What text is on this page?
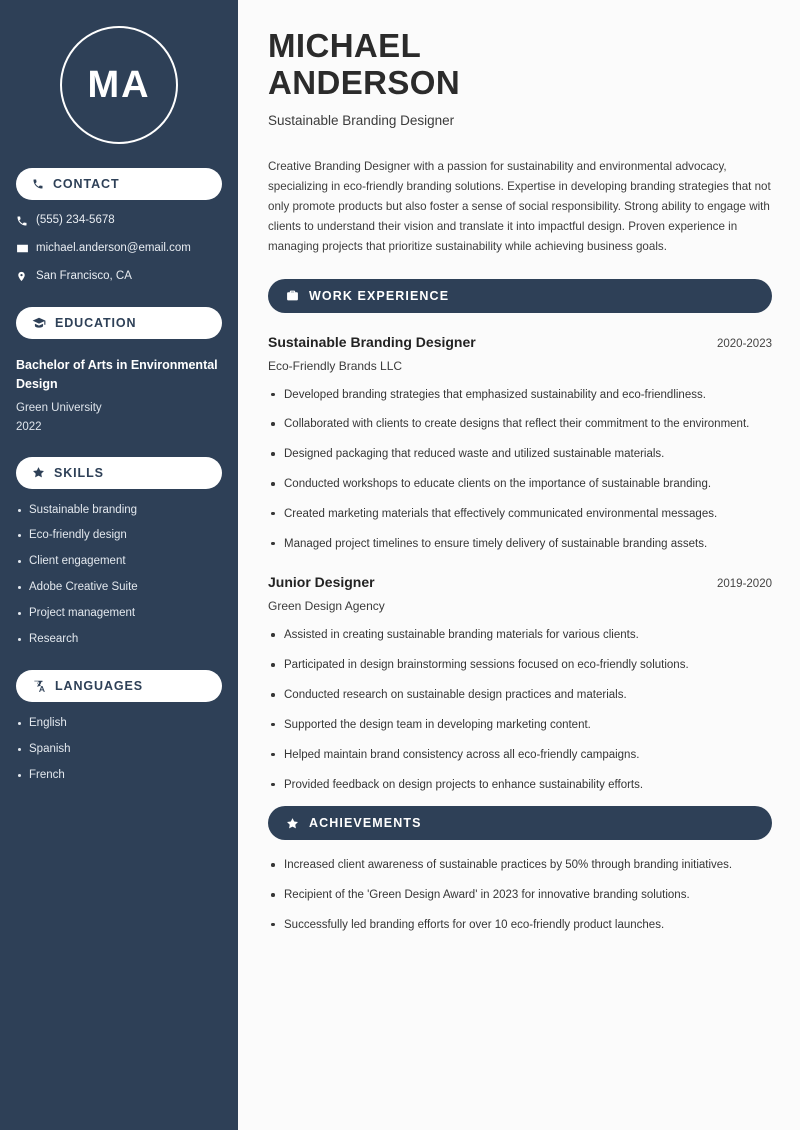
MA
CONTACT
(555) 234-5678
michael.anderson@email.com
San Francisco, CA
EDUCATION
Bachelor of Arts in Environmental Design
Green University
2022
SKILLS
Sustainable branding
Eco-friendly design
Client engagement
Adobe Creative Suite
Project management
Research
LANGUAGES
English
Spanish
French
MICHAEL
ANDERSON
Sustainable Branding Designer

Creative Branding Designer with a passion for sustainability and environmental advocacy, specializing in eco-friendly branding solutions. Expertise in developing branding strategies that not only promote products but also foster a sense of social responsibility. Strong ability to engage with clients to understand their vision and translate it into impactful design. Proven experience in managing projects that prioritize sustainability while achieving business goals.

WORK EXPERIENCE
Sustainable Branding Designer	2020-2023
Eco-Friendly Brands LLC
Developed branding strategies that emphasized sustainability and eco-friendliness.
Collaborated with clients to create designs that reflect their commitment to the environment.
Designed packaging that reduced waste and utilized sustainable materials.
Conducted workshops to educate clients on the importance of sustainable branding.
Created marketing materials that effectively communicated environmental messages.
Managed project timelines to ensure timely delivery of sustainable branding assets.
Junior Designer	2019-2020
Green Design Agency
Assisted in creating sustainable branding materials for various clients.
Participated in design brainstorming sessions focused on eco-friendly solutions.
Conducted research on sustainable design practices and materials.
Supported the design team in developing marketing content.
Helped maintain brand consistency across all eco-friendly campaigns.
Provided feedback on design projects to enhance sustainability efforts.
ACHIEVEMENTS
Increased client awareness of sustainable practices by 50% through branding initiatives.
Recipient of the 'Green Design Award' in 2023 for innovative branding solutions.
Successfully led branding efforts for over 10 eco-friendly product launches.
